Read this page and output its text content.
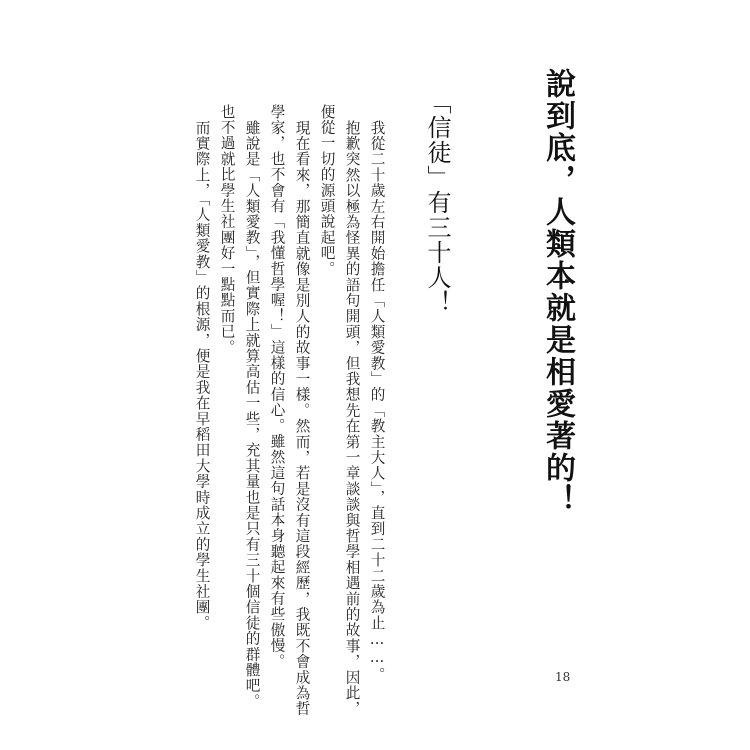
說到底，人類本就是相愛著的！
「信徒」有三十人！
我從二十歲左右開始擔任「人類愛教」的「教主大人」，直到二十二歲為止……。
抱歉突然以極為怪異的語句開頭，但我想先在第一章談談與哲學相遇前的故事，因此，
便從一切的源頭說起吧。
現在看來，那簡直就像是別人的故事一樣。然而，若是沒有這段經歷，我既不會成為哲
學家，也不會有「我懂哲學喔！」這樣的信心。雖然這句話本身聽起來有些傲慢。
雖說是「人類愛教」，但實際上就算高估一些，充其量也是只有三十個信徒的群體吧。
也不過就比學生社團好一點點而已。
而實際上，「人類愛教」的根源，便是我在早稻田大學時成立的學生社團。
18
